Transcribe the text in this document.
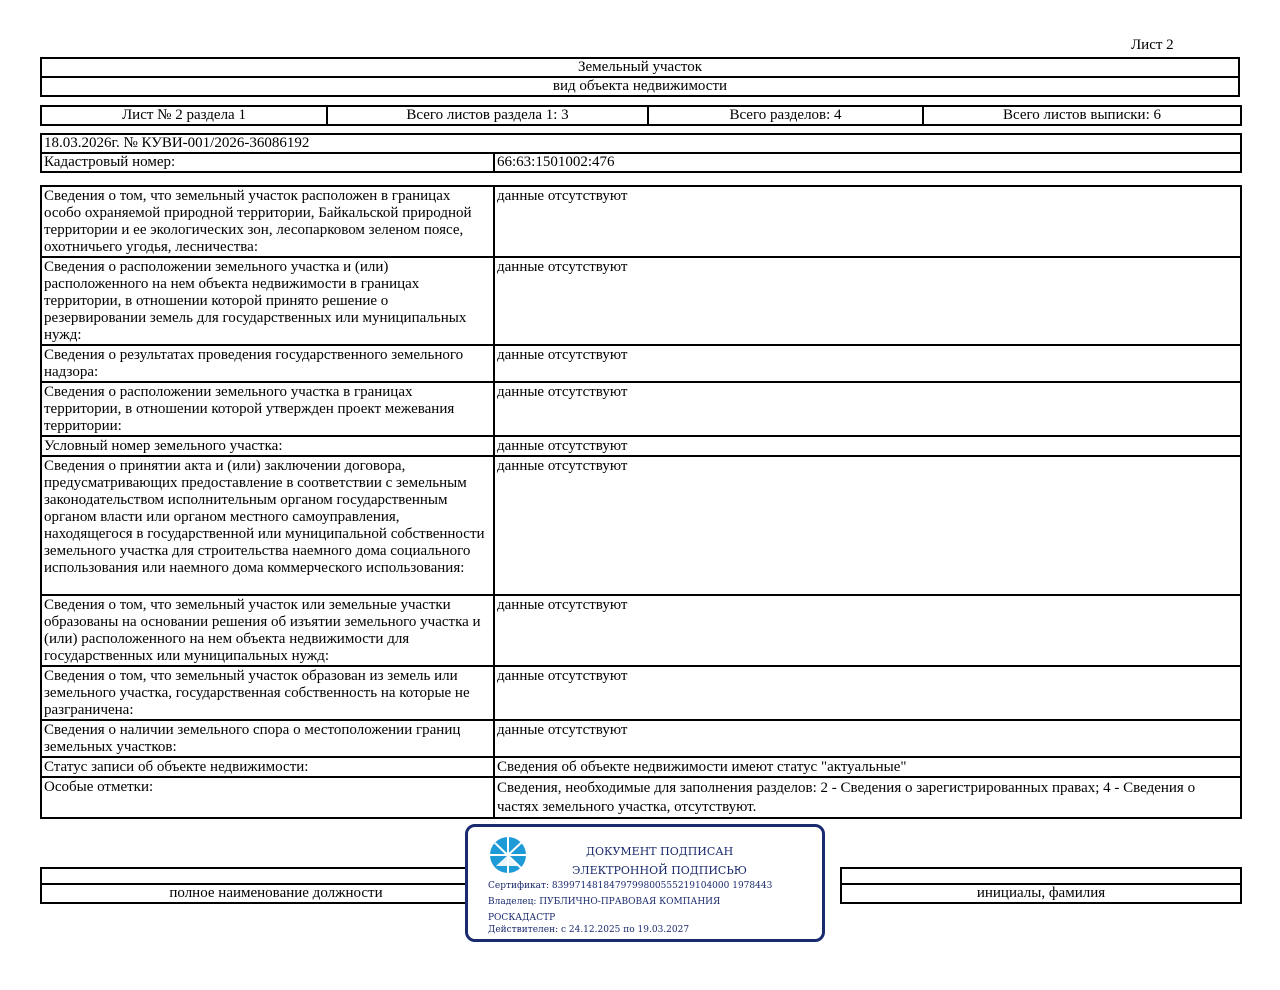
Лист 2
Земельный участок
вид объекта недвижимости
Лист № 2 раздела 1	Всего листов раздела 1: 3	Всего разделов: 4	Всего листов выписки: 6
18.03.2026г. № КУВИ-001/2026-36086192
Кадастровый номер:	66:63:1501002:476
Сведения о том, что земельный участок расположен в границах особо охраняемой природной территории, Байкальской природной территории и ее экологических зон, лесопарковом зеленом поясе, охотничьего угодья, лесничества:	данные отсутствуют
Сведения о расположении земельного участка и (или) расположенного на нем объекта недвижимости в границах территории, в отношении которой принято решение о резервировании земель для государственных или муниципальных нужд:	данные отсутствуют
Сведения о результатах проведения государственного земельного надзора:	данные отсутствуют
Сведения о расположении земельного участка в границах территории, в отношении которой утвержден проект межевания территории:	данные отсутствуют
Условный номер земельного участка:	данные отсутствуют
Сведения о принятии акта и (или) заключении договора, предусматривающих предоставление в соответствии с земельным законодательством исполнительным органом государственным органом власти или органом местного самоуправления, находящегося в государственной или муниципальной собственности земельного участка для строительства наемного дома социального использования или наемного дома коммерческого использования:	данные отсутствуют
Сведения о том, что земельный участок или земельные участки образованы на основании решения об изъятии земельного участка и (или) расположенного на нем объекта недвижимости для государственных или муниципальных нужд:	данные отсутствуют
Сведения о том, что земельный участок образован из земель или земельного участка, государственная собственность на которые не разграничена:	данные отсутствуют
Сведения о наличии земельного спора о местоположении границ земельных участков:	данные отсутствуют
Статус записи об объекте недвижимости:	Сведения об объекте недвижимости имеют статус "актуальные"
Особые отметки:	Сведения, необходимые для заполнения разделов: 2 - Сведения о зарегистрированных правах; 4 - Сведения о частях земельного участка, отсутствуют.

полное наименование должности		инициалы, фамилия
ДОКУМЕНТ ПОДПИСАН
ЭЛЕКТРОННОЙ ПОДПИСЬЮ
Сертификат: 8399714818479799800555219104000 1978443
Владелец: ПУБЛИЧНО-ПРАВОВАЯ КОМПАНИЯ
РОСКАДАСТР
Действителен: с 24.12.2025 по 19.03.2027
